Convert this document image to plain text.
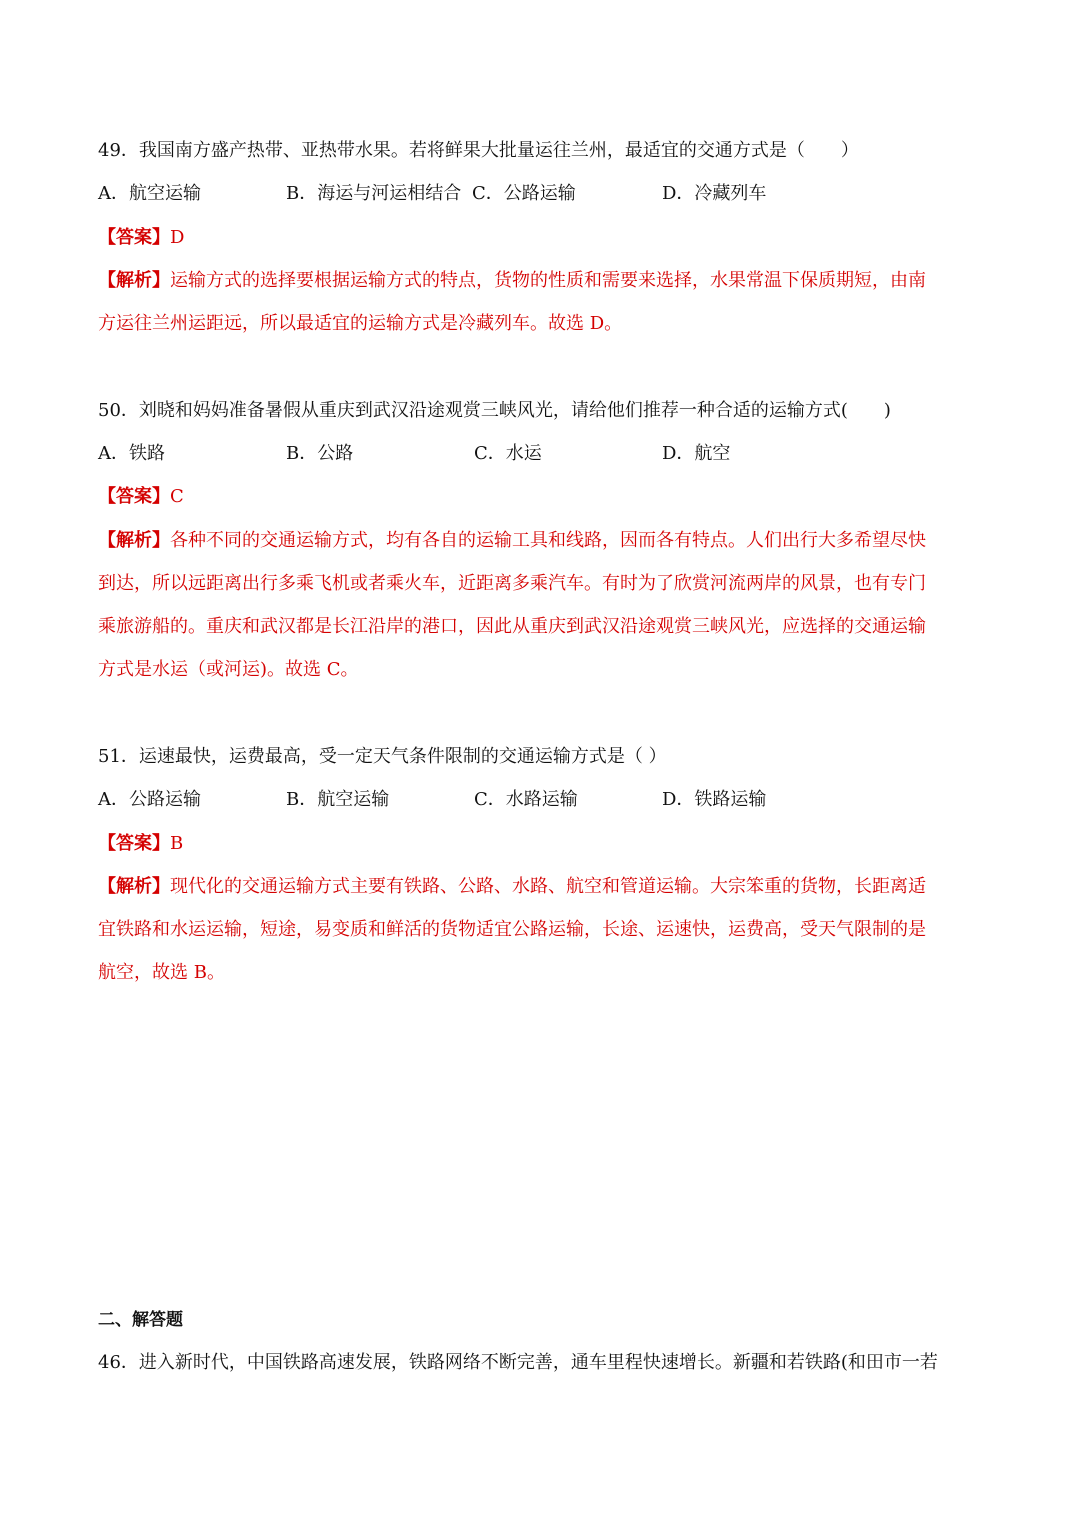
49．我国南方盛产热带、亚热带水果。若将鲜果大批量运往兰州，最适宜的交通方式是（　　）
A．航空运输	B．海运与河运相结合 C．公路运输	D．冷藏列车
【答案】D
【解析】运输方式的选择要根据运输方式的特点，货物的性质和需要来选择，水果常温下保质期短，由南
方运往兰州运距远，所以最适宜的运输方式是冷藏列车。故选 D。
50．刘晓和妈妈准备暑假从重庆到武汉沿途观赏三峡风光，请给他们推荐一种合适的运输方式(　　)
A．铁路	B．公路	C．水运	D．航空
【答案】C
【解析】各种不同的交通运输方式，均有各自的运输工具和线路，因而各有特点。人们出行大多希望尽快
到达，所以远距离出行多乘飞机或者乘火车，近距离多乘汽车。有时为了欣赏河流两岸的风景，也有专门
乘旅游船的。重庆和武汉都是长江沿岸的港口，因此从重庆到武汉沿途观赏三峡风光，应选择的交通运输
方式是水运（或河运)。故选 C。
51．运速最快，运费最高，受一定天气条件限制的交通运输方式是（ ）
A．公路运输	B．航空运输	C．水路运输	D．铁路运输
【答案】B
【解析】现代化的交通运输方式主要有铁路、公路、水路、航空和管道运输。大宗笨重的货物，长距离适
宜铁路和水运运输，短途，易变质和鲜活的货物适宜公路运输，长途、运速快，运费高，受天气限制的是
航空，故选 B。
二、解答题
46．进入新时代，中国铁路高速发展，铁路网络不断完善，通车里程快速增长。新疆和若铁路(和田市一若
